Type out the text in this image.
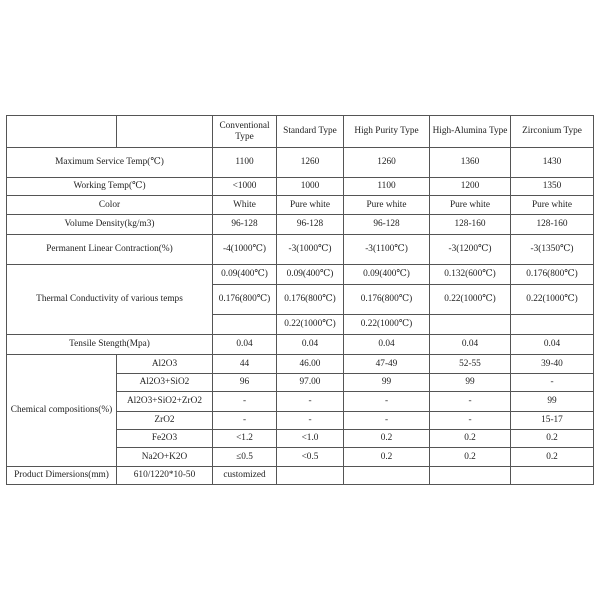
		Conventional Type	Standard Type	High Purity Type	High-Alumina Type	Zirconium Type
Maximum Service Temp(℃)		1100	1260	1260	1360	1430
Working Temp(℃)		<1000	1000	1100	1200	1350
Color		White	Pure white	Pure white	Pure white	Pure white
Volume Density(kg/m3)		96-128	96-128	96-128	128-160	128-160
Permanent Linear Contraction(%)		-4(1000℃)	-3(1000℃)	-3(1100℃)	-3(1200℃)	-3(1350℃)
Thermal Conductivity of various temps		0.09(400℃)	0.09(400℃)	0.09(400℃)	0.132(600℃)	0.176(800℃)
		0.176(800℃)	0.176(800℃)	0.176(800℃)	0.22(1000℃)	0.22(1000℃)
			0.22(1000℃)	0.22(1000℃)		
Tensile Stength(Mpa)		0.04	0.04	0.04	0.04	0.04
Chemical compositions(%)	Al2O3	44	46.00	47-49	52-55	39-40
	Al2O3+SiO2	96	97.00	99	99	-
	Al2O3+SiO2+ZrO2	-	-	-	-	99
	ZrO2	-	-	-	-	15-17
	Fe2O3	<1.2	<1.0	0.2	0.2	0.2
	Na2O+K2O	≤0.5	<0.5	0.2	0.2	0.2
Product Dimersions(mm)	610/1220*10-50	customized				
